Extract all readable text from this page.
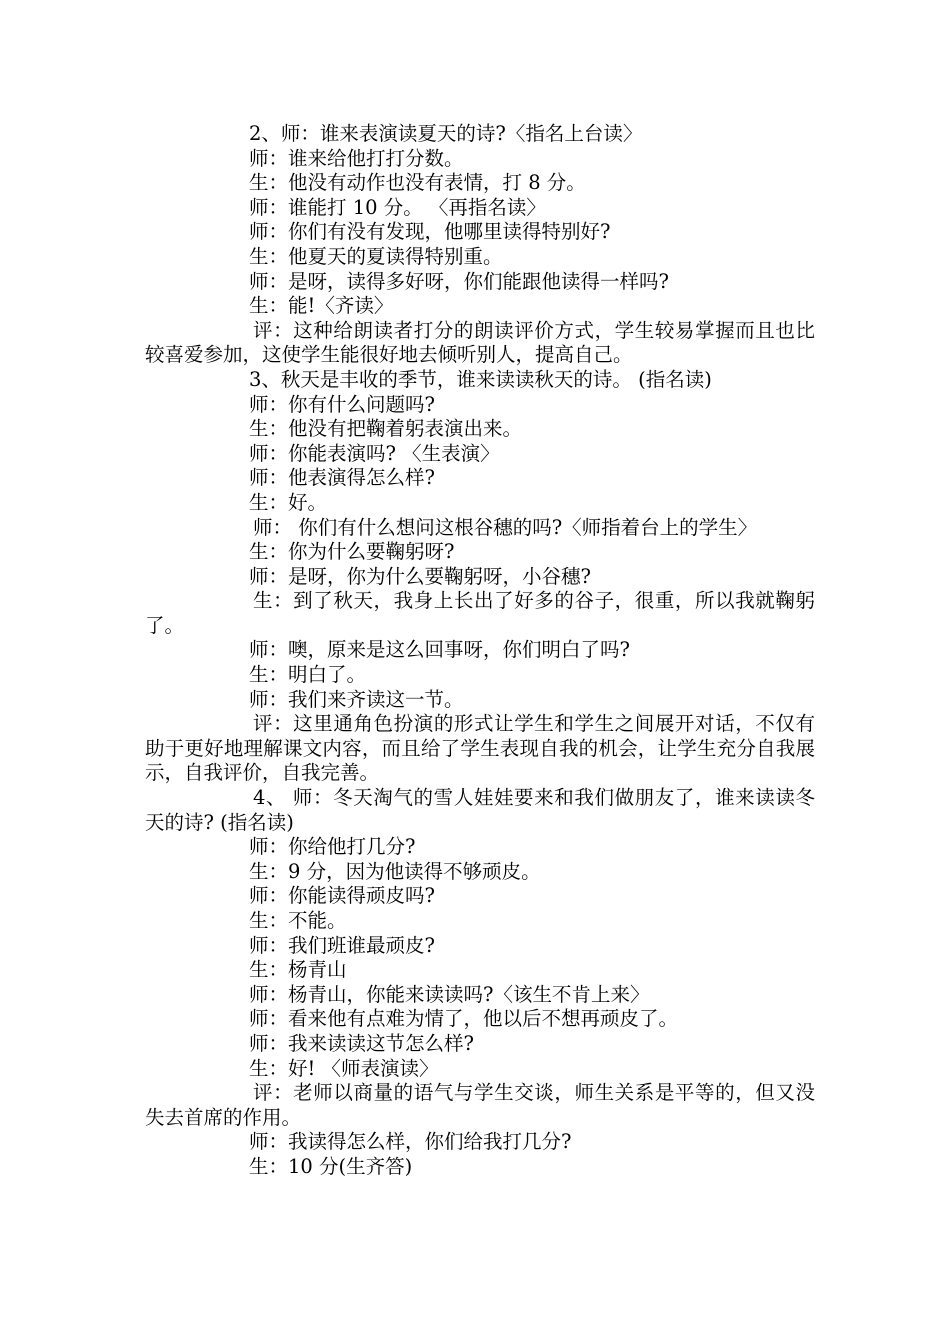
2、师：谁来表演读夏天的诗?〈指名上台读〉

师：谁来给他打打分数。

生：他没有动作也没有表情，打 8 分。

师：谁能打 10 分。 〈再指名读〉

师：你们有没有发现，他哪里读得特别好?

生：他夏天的夏读得特别重。

师：是呀，读得多好呀，你们能跟他读得一样吗?

生：能!〈齐读〉

评：这种给朗读者打分的朗读评价方式，学生较易掌握而且也比较喜爱参加，这使学生能很好地去倾听别人，提高自己。

3、秋天是丰收的季节，谁来读读秋天的诗。 (指名读)

师：你有什么问题吗?

生：他没有把鞠着躬表演出来。

师：你能表演吗? 〈生表演〉

师：他表演得怎么样?

生：好。

师： 你们有什么想问这根谷穗的吗?〈师指着台上的学生〉

生：你为什么要鞠躬呀?

师：是呀，你为什么要鞠躬呀，小谷穗?

生：到了秋天，我身上长出了好多的谷子，很重，所以我就鞠躬了。

师：噢，原来是这么回事呀，你们明白了吗?

生：明白了。

师：我们来齐读这一节。

评：这里通角色扮演的形式让学生和学生之间展开对话，不仅有助于更好地理解课文内容，而且给了学生表现自我的机会，让学生充分自我展示，自我评价，自我完善。

4、 师：冬天淘气的雪人娃娃要来和我们做朋友了，谁来读读冬天的诗? (指名读)

师：你给他打几分?

生：9 分，因为他读得不够顽皮。

师：你能读得顽皮吗?

生：不能。

师：我们班谁最顽皮?

生：杨青山

师：杨青山，你能来读读吗?〈该生不肯上来〉

师：看来他有点难为情了，他以后不想再顽皮了。

师：我来读读这节怎么样?

生：好! 〈师表演读〉

评：老师以商量的语气与学生交谈，师生关系是平等的，但又没失去首席的作用。

师：我读得怎么样，你们给我打几分?

生：10 分(生齐答)
